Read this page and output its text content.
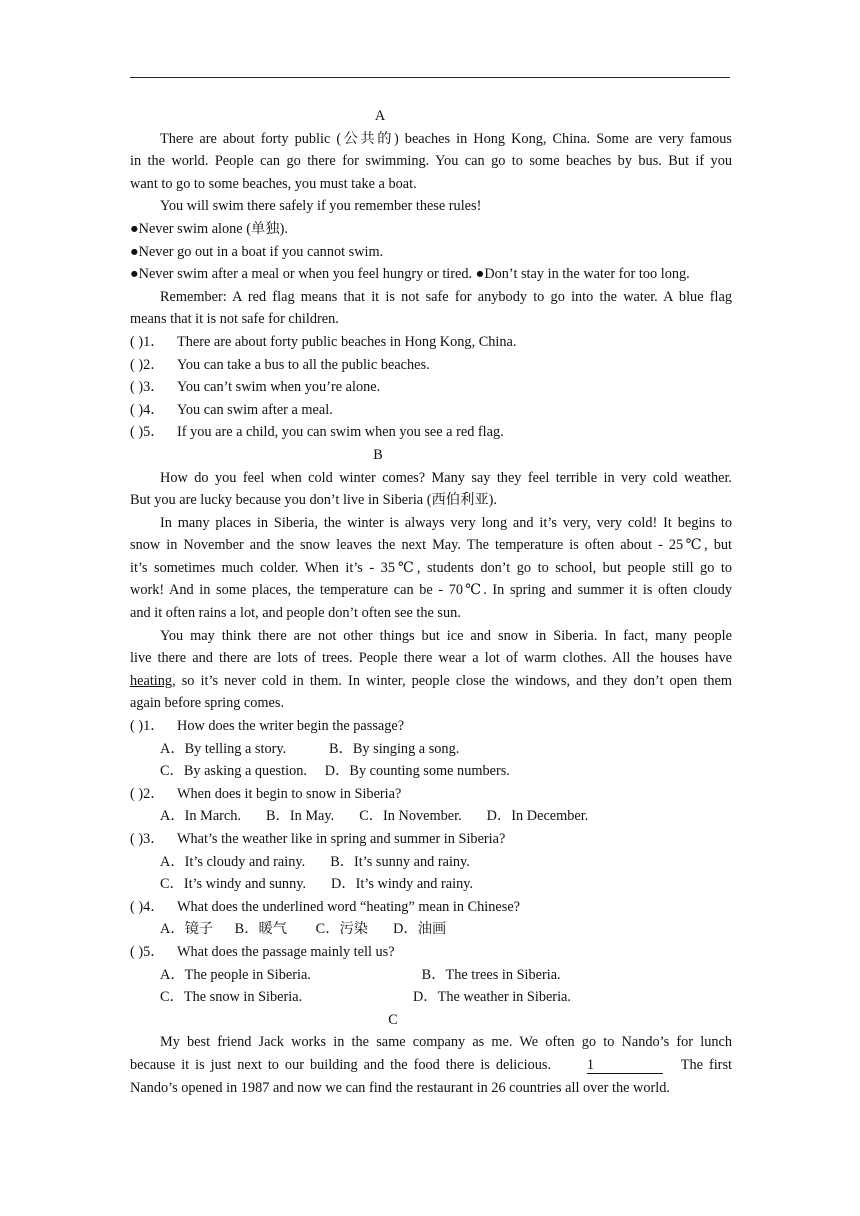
A
There are about forty public (公共的) beaches in Hong Kong, China. Some are very famous
in the world. People can go there for swimming. You can go to some beaches by bus. But if you
want to go to some beaches, you must take a boat.
You will swim there safely if you remember these rules!
●Never swim alone (单独).
●Never go out in a boat if you cannot swim.
●Never swim after a meal or when you feel hungry or tired. ●Don’t stay in the water for too long.
Remember: A red flag means that it is not safe for anybody to go into the water. A blue flag
means that it is not safe for children.
( )1． There are about forty public beaches in Hong Kong, China.
( )2． You can take a bus to all the public beaches.
( )3． You can’t swim when you’re alone.
( )4． You can swim after a meal.
( )5． If you are a child, you can swim when you see a red flag.
B
How do you feel when cold winter comes? Many say they feel terrible in very cold weather.
But you are lucky because you don’t live in Siberia (西伯利亚).
In many places in Siberia, the winter is always very long and it’s very, very cold! It begins to
snow in November and the snow leaves the next May. The temperature is often about - 25℃, but
it’s sometimes much colder. When it’s - 35℃, students don’t go to school, but people still go to
work! And in some places, the temperature can be - 70℃. In spring and summer it is often cloudy
and it often rains a lot, and people don’t often see the sun.
You may think there are not other things but ice and snow in Siberia. In fact, many people
live there and there are lots of trees. People there wear a lot of warm clothes. All the houses have
heating, so it’s never cold in them. In winter, people close the windows, and they don’t open them
again before spring comes.
( )1． How does the writer begin the passage?
A．By telling a story.            B．By singing a song.
C．By asking a question.     D．By counting some numbers.
( )2． When does it begin to snow in Siberia?
A．In March.       B．In May.       C．In November.       D．In December.
( )3． What’s the weather like in spring and summer in Siberia?
A．It’s cloudy and rainy.       B．It’s sunny and rainy.
C．It’s windy and sunny.       D．It’s windy and rainy.
( )4． What does the underlined word “heating” mean in Chinese?
A．镜子      B．暖气        C．污染       D．油画
( )5． What does the passage mainly tell us?
A．The people in Siberia.                               B．The trees in Siberia.
C．The snow in Siberia.                               D．The weather in Siberia.
C
My best friend Jack works in the same company as me. We often go to Nando’s for lunch
because it is just next to our building and the food there is delicious.	1	The first
Nando’s opened in 1987 and now we can find the restaurant in 26 countries all over the world.
